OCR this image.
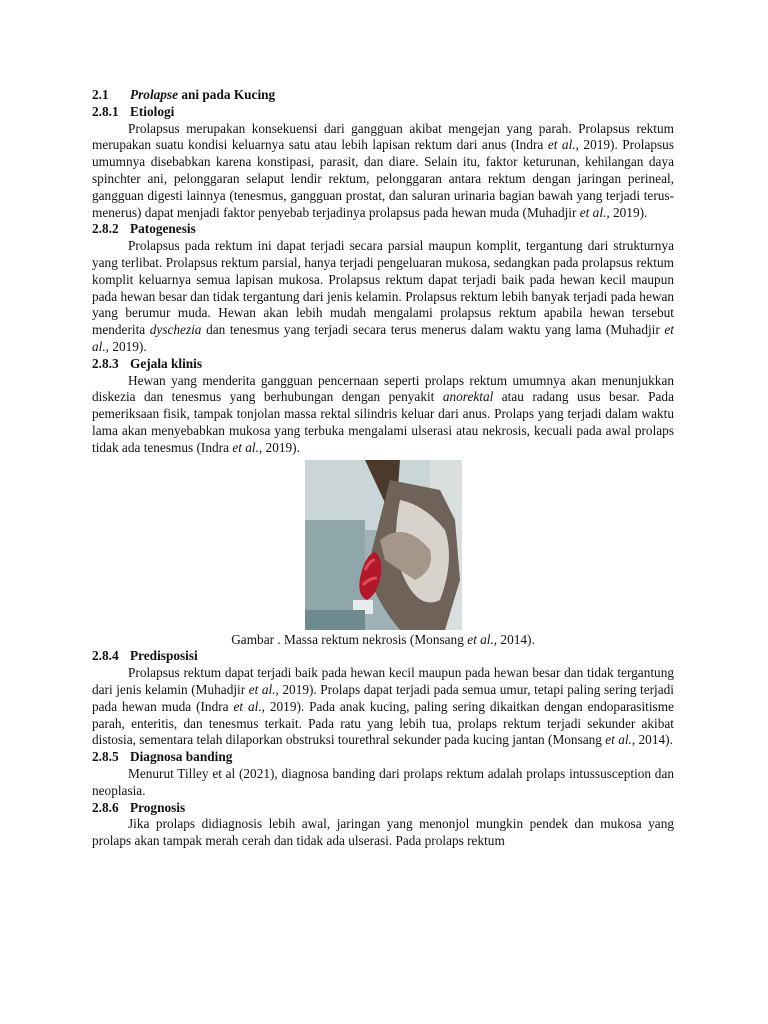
2.1	Prolapse ani pada Kucing
2.8.1 Etiologi

Prolapsus merupakan konsekuensi dari gangguan akibat mengejan yang parah. Prolapsus rektum merupakan suatu kondisi keluarnya satu atau lebih lapisan rektum dari anus (Indra et al., 2019). Prolapsus umumnya disebabkan karena konstipasi, parasit, dan diare. Selain itu, faktor keturunan, kehilangan daya spinchter ani, pelonggaran selaput lendir rektum, pelonggaran antara rektum dengan jaringan perineal, gangguan digesti lainnya (tenesmus, gangguan prostat, dan saluran urinaria bagian bawah yang terjadi terus-menerus) dapat menjadi faktor penyebab terjadinya prolapsus pada hewan muda (Muhadjir et al., 2019).

2.8.2 Patogenesis

Prolapsus pada rektum ini dapat terjadi secara parsial maupun komplit, tergantung dari strukturnya yang terlibat. Prolapsus rektum parsial, hanya terjadi pengeluaran mukosa, sedangkan pada prolapsus rektum komplit keluarnya semua lapisan mukosa. Prolapsus rektum dapat terjadi baik pada hewan kecil maupun pada hewan besar dan tidak tergantung dari jenis kelamin. Prolapsus rektum lebih banyak terjadi pada hewan yang berumur muda. Hewan akan lebih mudah mengalami prolapsus rektum apabila hewan tersebut menderita dyschezia dan tenesmus yang terjadi secara terus menerus dalam waktu yang lama (Muhadjir et al., 2019).

2.8.3 Gejala klinis

Hewan yang menderita gangguan pencernaan seperti prolaps rektum umumnya akan menunjukkan diskezia dan tenesmus yang berhubungan dengan penyakit anorektal atau radang usus besar. Pada pemeriksaan fisik, tampak tonjolan massa rektal silindris keluar dari anus. Prolaps yang terjadi dalam waktu lama akan menyebabkan mukosa yang terbuka mengalami ulserasi atau nekrosis, kecuali pada awal prolaps tidak ada tenesmus (Indra et al., 2019).

Gambar . Massa rektum nekrosis (Monsang et al., 2014).
2.8.4 Predisposisi

Prolapsus rektum dapat terjadi baik pada hewan kecil maupun pada hewan besar dan tidak tergantung dari jenis kelamin (Muhadjir et al., 2019). Prolaps dapat terjadi pada semua umur, tetapi paling sering terjadi pada hewan muda (Indra et al., 2019). Pada anak kucing, paling sering dikaitkan dengan endoparasitisme parah, enteritis, dan tenesmus terkait. Pada ratu yang lebih tua, prolaps rektum terjadi sekunder akibat distosia, sementara telah dilaporkan obstruksi tourethral sekunder pada kucing jantan (Monsang et al., 2014).

2.8.5 Diagnosa banding

Menurut Tilley et al (2021), diagnosa banding dari prolaps rektum adalah prolaps intussusception dan neoplasia.

2.8.6 Prognosis

Jika prolaps didiagnosis lebih awal, jaringan yang menonjol mungkin pendek dan mukosa yang prolaps akan tampak merah cerah dan tidak ada ulserasi. Pada prolaps rektum
